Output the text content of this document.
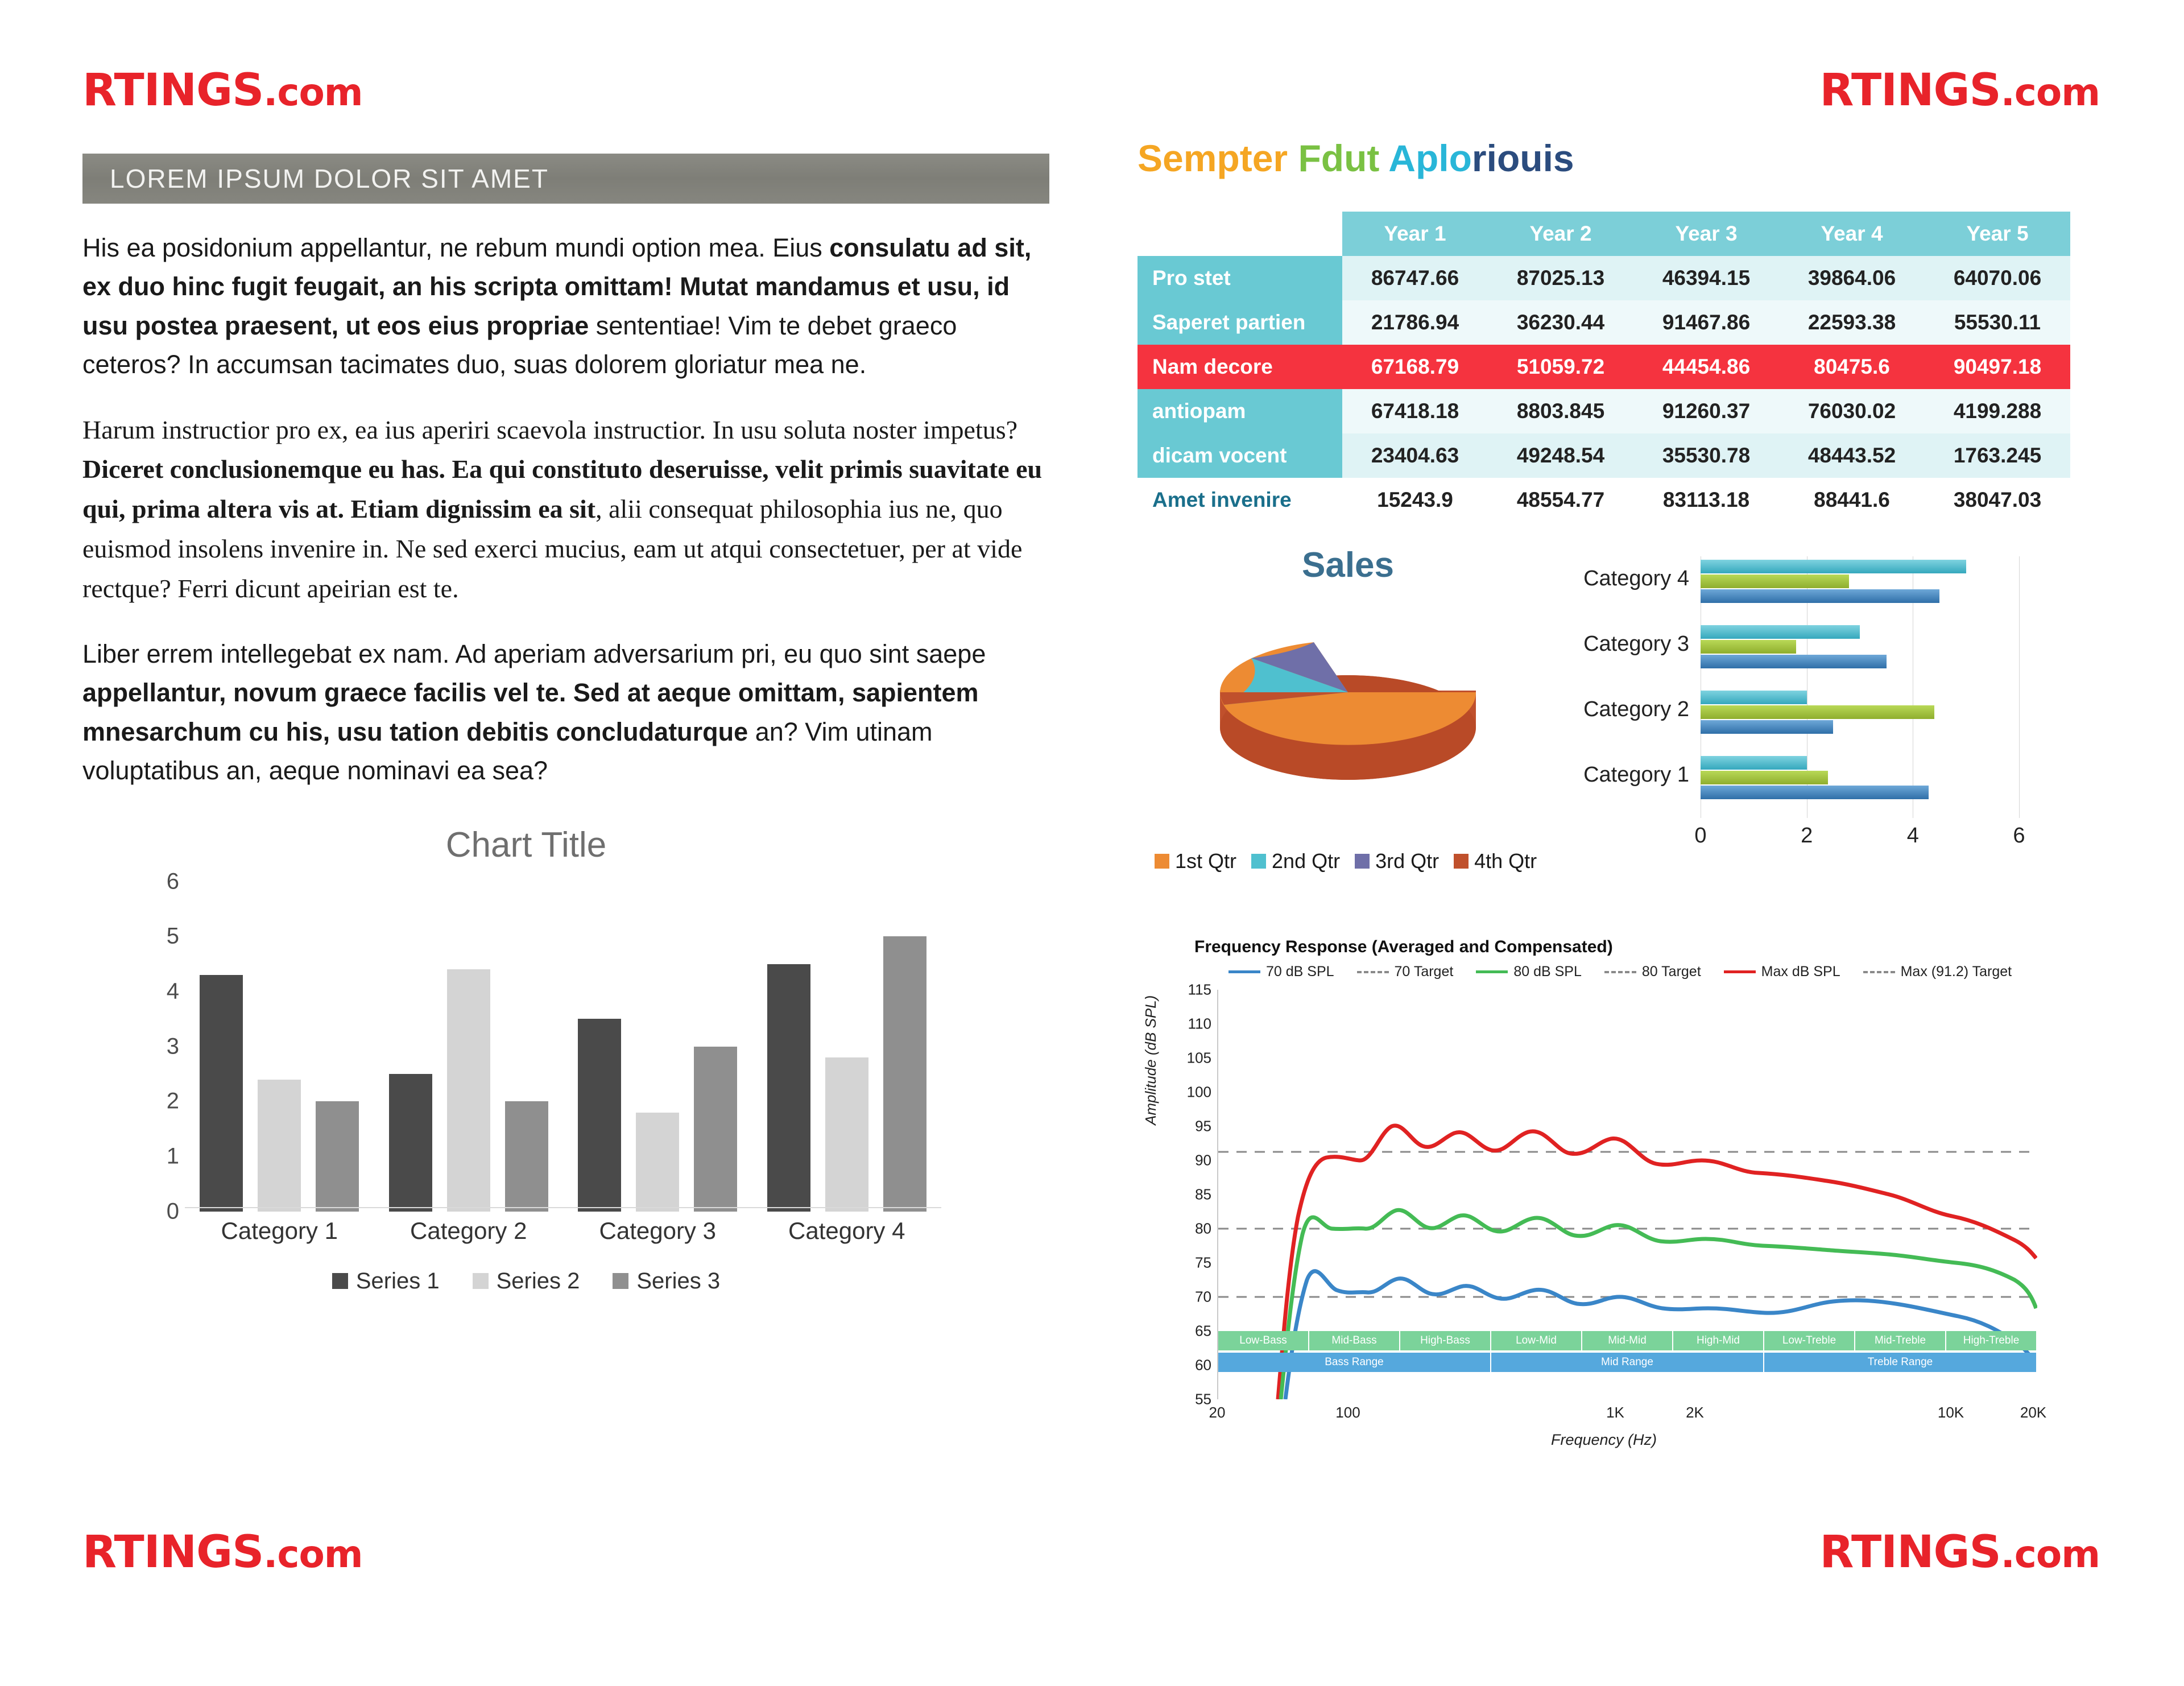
RTINGS.com	RTINGS.com
RTINGS.com	RTINGS.com
LOREM IPSUM DOLOR SIT AMET

His ea posidonium appellantur, ne rebum mundi option mea. Eius consulatu ad sit, ex duo hinc fugit feugait, an his scripta omittam! Mutat mandamus et usu, id usu postea praesent, ut eos eius propriae sententiae! Vim te debet graeco ceteros? In accumsan tacimates duo, suas dolorem gloriatur mea ne.

Harum instructior pro ex, ea ius aperiri scaevola instructior. In usu soluta noster impetus? Diceret conclusionemque eu has. Ea qui constituto deseruisse, velit primis suavitate eu qui, prima altera vis at. Etiam dignissim ea sit, alii consequat philosophia ius ne, quo euismod insolens invenire in. Ne sed exerci mucius, eam ut atqui consectetuer, per at vide rectque? Ferri dicunt apeirian est te.

Liber errem intellegebat ex nam. Ad aperiam adversarium pri, eu quo sint saepe appellantur, novum graece facilis vel te. Sed at aeque omittam, sapientem mnesarchum cu his, usu tation debitis concludaturque an? Vim utinam voluptatibus an, aeque nominavi ea sea?

Chart Title
0
1
2
3
4
5
6
Category 1	Category 2	Category 3	Category 4
Series 1	Series 2	Series 3
Sempter Fdut Aploriouis
	Year 1	Year 2	Year 3	Year 4	Year 5
Pro stet	86747.66	87025.13	46394.15	39864.06	64070.06
Saperet partien	21786.94	36230.44	91467.86	22593.38	55530.11
Nam decore	67168.79	51059.72	44454.86	80475.6	90497.18
antiopam	67418.18	8803.845	91260.37	76030.02	4199.288
dicam vocent	23404.63	49248.54	35530.78	48443.52	1763.245
Amet invenire	15243.9	48554.77	83113.18	88441.6	38047.03
Sales
1st Qtr 2nd Qtr 3rd Qtr 4th Qtr
Category 1
Category 2
Category 3
Category 4
0	2	4	6
Frequency Response (Averaged and Compensated)
70 dB SPL	70 Target	80 dB SPL	80 Target	Max dB SPL	Max (91.2) Target
Amplitude (dB SPL)
55
60
65
70
75
80
85
90
95
100
105
110
115
Low-Bass	Mid-Bass	High-Bass	Low-Mid	Mid-Mid	High-Mid	Low-Treble	Mid-Treble	High-Treble
Bass Range	Mid Range	Treble Range
20	100	1K	2K	10K	20K
Frequency (Hz)
